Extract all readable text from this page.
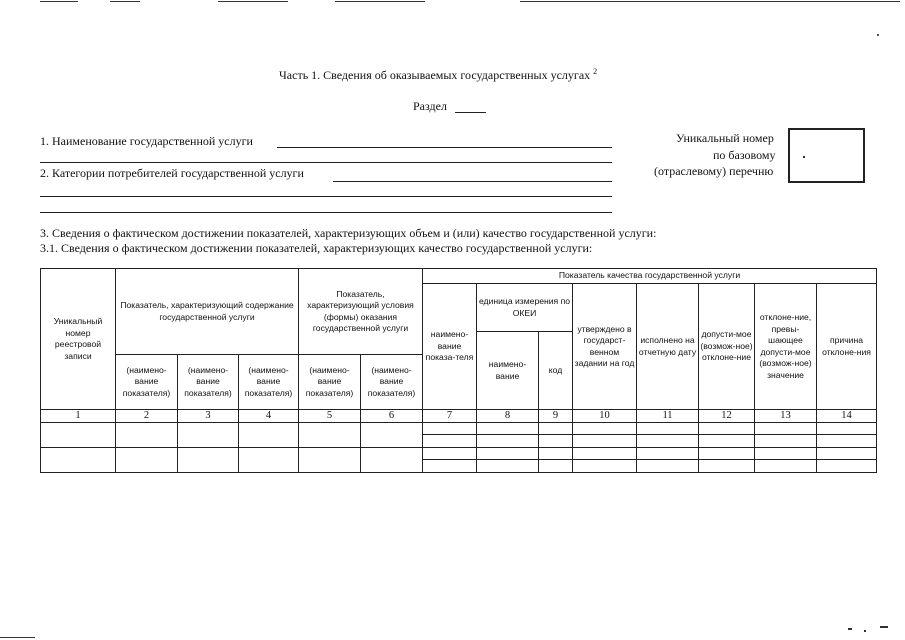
Часть 1. Сведения об оказываемых государственных услугах $^2$
Раздел
1. Наименование государственной услуги
2. Категории потребителей государственной услуги
Уникальный номер
по базовому
(отраслевому) перечню
3. Сведения о фактическом достижении показателей, характеризующих объем и (или) качество государственной услуги:
3.1. Сведения о фактическом достижении показателей, характеризующих качество государственной услуги:
Уникальный номер реестровой записи	Показатель, характеризующий содержание государственной услуги			Показатель, характеризующий условия (формы) оказания государственной услуги		Показатель качества государственной услуги							
						наимено-вание показа-теля	единица измерения по ОКЕИ		утверждено в государст-венном задании на год	исполнено на отчетную дату	допусти-мое (возмож-ное) отклоне-ние	отклоне-ние, превы-шающее допусти-мое (возмож-ное) значение	причина отклоне-ния
							наимено-вание	код					
	(наимено-вание показателя)	(наимено-вание показателя)	(наимено-вание показателя)	(наимено-вание показателя)	(наимено-вание показателя)								
1	2	3	4	5	6	7	8	9	10	11	12	13	14
